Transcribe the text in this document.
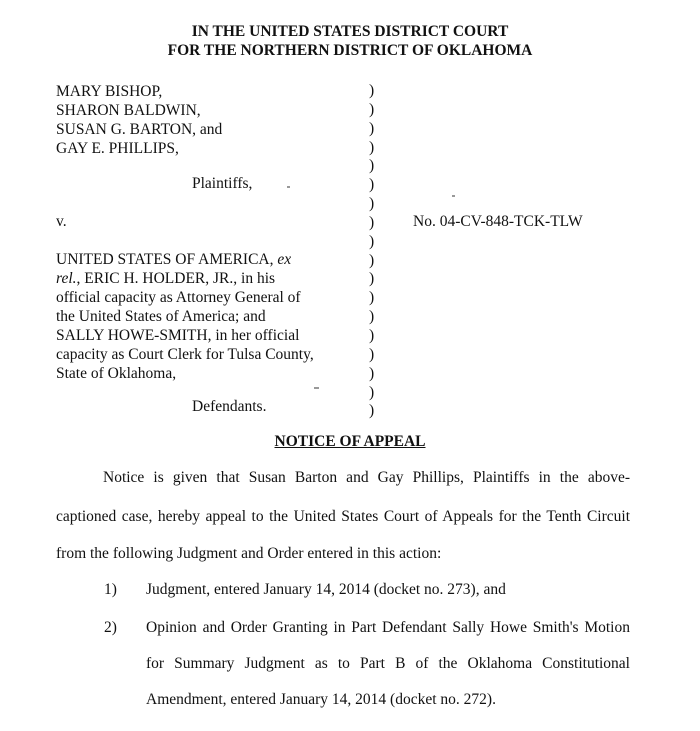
IN THE UNITED STATES DISTRICT COURT
FOR THE NORTHERN DISTRICT OF OKLAHOMA
MARY BISHOP,
SHARON BALDWIN,
SUSAN G. BARTON, and
GAY E. PHILLIPS,
Plaintiffs,
v.
UNITED STATES OF AMERICA, ex
rel., ERIC H. HOLDER, JR., in his
official capacity as Attorney General of
the United States of America; and
SALLY HOWE-SMITH, in her official
capacity as Court Clerk for Tulsa County,
State of Oklahoma,
Defendants.
)
)
)
)
)
)
)
)
)
)
)
)
)
)
)
)
)
)
No. 04-CV-848-TCK-TLW
NOTICE OF APPEAL
Notice is given that Susan Barton and Gay Phillips, Plaintiffs in the above-
captioned case, hereby appeal to the United States Court of Appeals for the Tenth Circuit
from the following Judgment and Order entered in this action:
1) Judgment, entered January 14, 2014 (docket no. 273), and
2) Opinion and Order Granting in Part Defendant Sally Howe Smith's Motion
for Summary Judgment as to Part B of the Oklahoma Constitutional
Amendment, entered January 14, 2014 (docket no. 272).
